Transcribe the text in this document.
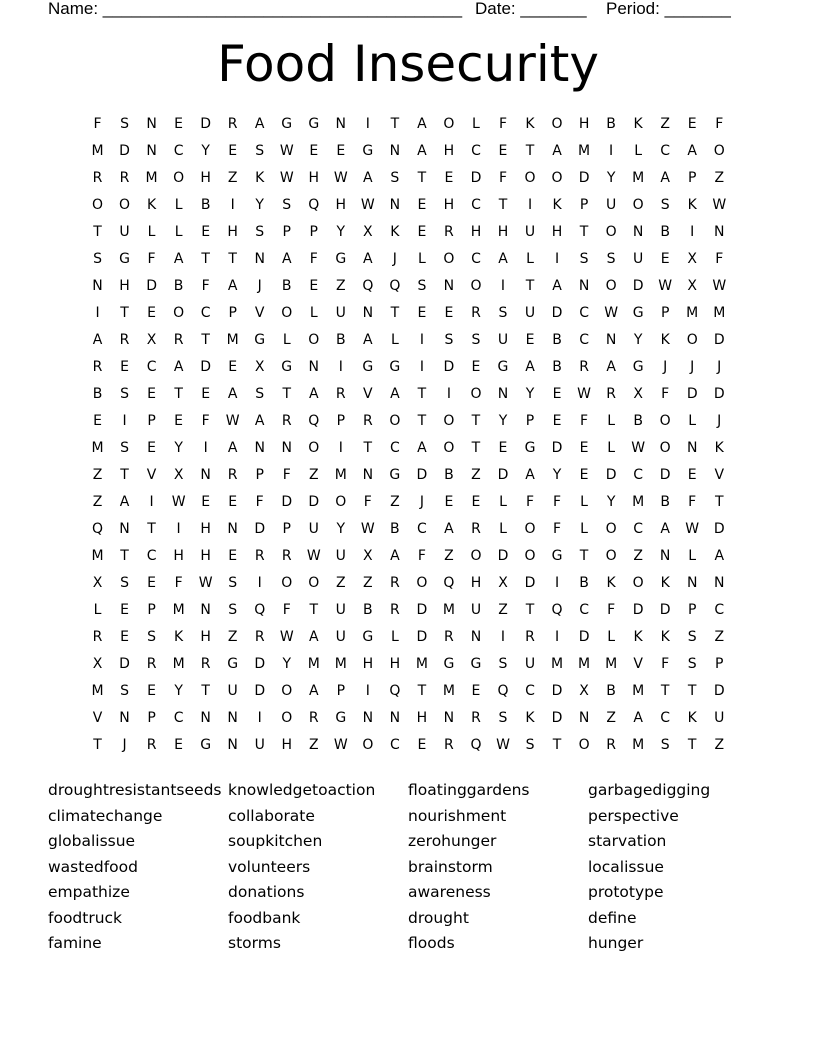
Name: ______________________________________ Date: _______ Period: _______
Food Insecurity
F	S	N	E	D	R	A	G	G	N	I	T	A	O	L	F	K	O	H	B	K	Z	E	F
M	D	N	C	Y	E	S	W	E	E	G	N	A	H	C	E	T	A	M	I	L	C	A	O
R	R	M	O	H	Z	K	W	H	W	A	S	T	E	D	F	O	O	D	Y	M	A	P	Z
O	O	K	L	B	I	Y	S	Q	H	W	N	E	H	C	T	I	K	P	U	O	S	K	W
T	U	L	L	E	H	S	P	P	Y	X	K	E	R	H	H	U	H	T	O	N	B	I	N
S	G	F	A	T	T	N	A	F	G	A	J	L	O	C	A	L	I	S	S	U	E	X	F
N	H	D	B	F	A	J	B	E	Z	Q	Q	S	N	O	I	T	A	N	O	D	W	X	W
I	T	E	O	C	P	V	O	L	U	N	T	E	E	R	S	U	D	C	W	G	P	M	M
A	R	X	R	T	M	G	L	O	B	A	L	I	S	S	U	E	B	C	N	Y	K	O	D
R	E	C	A	D	E	X	G	N	I	G	G	I	D	E	G	A	B	R	A	G	J	J	J
B	S	E	T	E	A	S	T	A	R	V	A	T	I	O	N	Y	E	W	R	X	F	D	D
E	I	P	E	F	W	A	R	Q	P	R	O	T	O	T	Y	P	E	F	L	B	O	L	J
M	S	E	Y	I	A	N	N	O	I	T	C	A	O	T	E	G	D	E	L	W	O	N	K
Z	T	V	X	N	R	P	F	Z	M	N	G	D	B	Z	D	A	Y	E	D	C	D	E	V
Z	A	I	W	E	E	F	D	D	O	F	Z	J	E	E	L	F	F	L	Y	M	B	F	T
Q	N	T	I	H	N	D	P	U	Y	W	B	C	A	R	L	O	F	L	O	C	A	W	D
M	T	C	H	H	E	R	R	W	U	X	A	F	Z	O	D	O	G	T	O	Z	N	L	A
X	S	E	F	W	S	I	O	O	Z	Z	R	O	Q	H	X	D	I	B	K	O	K	N	N
L	E	P	M	N	S	Q	F	T	U	B	R	D	M	U	Z	T	Q	C	F	D	D	P	C
R	E	S	K	H	Z	R	W	A	U	G	L	D	R	N	I	R	I	D	L	K	K	S	Z
X	D	R	M	R	G	D	Y	M	M	H	H	M	G	G	S	U	M	M	M	V	F	S	P
M	S	E	Y	T	U	D	O	A	P	I	Q	T	M	E	Q	C	D	X	B	M	T	T	D
V	N	P	C	N	N	I	O	R	G	N	N	H	N	R	S	K	D	N	Z	A	C	K	U
T	J	R	E	G	N	U	H	Z	W	O	C	E	R	Q	W	S	T	O	R	M	S	T	Z
droughtresistantseeds
climatechange
globalissue
wastedfood
empathize
foodtruck
famine
knowledgetoaction
collaborate
soupkitchen
volunteers
donations
foodbank
storms
floatinggardens
nourishment
zerohunger
brainstorm
awareness
drought
floods
garbagedigging
perspective
starvation
localissue
prototype
define
hunger
